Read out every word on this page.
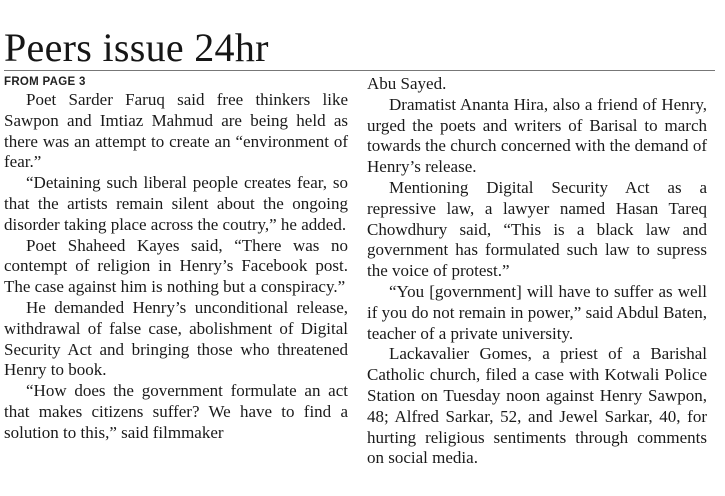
Peers issue 24hr

FROM PAGE 3

Poet Sarder Faruq said free thinkers like Sawpon and Imtiaz Mahmud are being held as there was an attempt to create an “environment of fear.”

“Detaining such liberal people creates fear, so that the artists remain silent about the ongoing disorder taking place across the coutry,” he added.

Poet Shaheed Kayes said, “There was no contempt of religion in Henry’s Facebook post. The case against him is nothing but a conspiracy.”

He demanded Henry’s unconditional release, withdrawal of false case, abolishment of Digital Security Act and bringing those who threatened Henry to book.

“How does the government formulate an act that makes citizens suffer? We have to find a solution to this,” said filmmaker

Abu Sayed.

Dramatist Ananta Hira, also a friend of Henry, urged the poets and writers of Barisal to march towards the church concerned with the demand of Henry’s release.

Mentioning Digital Security Act as a repressive law, a lawyer named Hasan Tareq Chowdhury said, “This is a black law and government has formulated such law to supress the voice of protest.”

“You [government] will have to suffer as well if you do not remain in power,” said Abdul Baten, teacher of a private university.

Lackavalier Gomes, a priest of a Barishal Catholic church, filed a case with Kotwali Police Station on Tuesday noon against Henry Sawpon, 48; Alfred Sarkar, 52, and Jewel Sarkar, 40, for hurting religious sentiments through comments on social media.
